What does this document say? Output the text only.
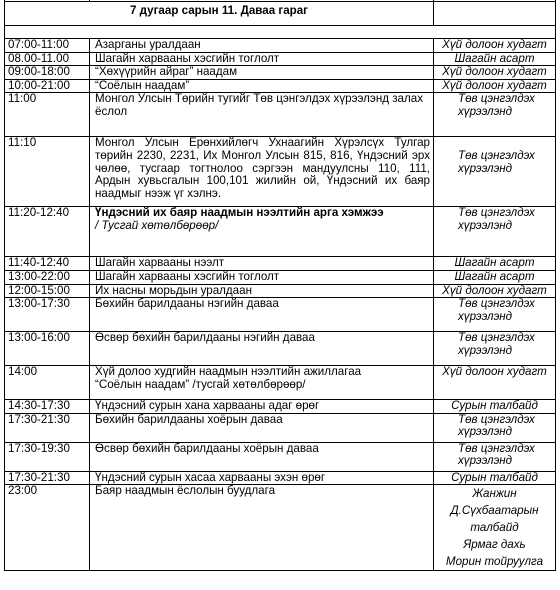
7 дугаар сарын 11. Даваа гараг		

07:00-11:00	Азарганы уралдаан	Хүй долоон худагт
08.00-11.00	Шагайн харвааны хэсгийн тоглолт	Шагайн асарт
09:00-18:00	“Хөхүүрийн айраг” наадам	Хүй долоон худагт
10:00-21:00	“Соёлын наадам”	Хүй долоон худагт
11:00	Монгол Улсын Төрийн тугийг Төв цэнгэлдэх хүрээлэнд залах ёслол	Төв цэнгэлдэх хүрээлэнд
11:10	Монгол Улсын Ерөнхийлөгч Ухнаагийн Хүрэлсүх Тулгар төрийн 2230, 2231, Их Монгол Улсын 815, 816, Үндэсний эрх чөлөө, тусгаар тогтнолоо сэргээн мандуулсны 110, 111, Ардын хувьсгалын 100,101 жилийн ой, Үндэсний их баяр наадмыг нээж үг хэлнэ.	Төв цэнгэлдэх хүрээлэнд
11:20-12:40	Үндэсний их баяр наадмын нээлтийн арга хэмжээ
/ Тусгай хөтөлбөрөөр/	Төв цэнгэлдэх хүрээлэнд
11:40-12:40	Шагайн харвааны нээлт	Шагайн асарт
13:00-22:00	Шагайн харвааны хэсгийн тоглолт	Шагайн асарт
12:00-15:00	Их насны морьдын уралдаан	Хүй долоон худагт
13:00-17:30	Бөхийн барилдааны нэгийн даваа	Төв цэнгэлдэх хүрээлэнд
13:00-16:00	Өсвөр бөхийн барилдааны нэгийн даваа	Төв цэнгэлдэх хүрээлэнд
14:00	Хүй долоо худгийн наадмын нээлтийн ажиллагаа
“Соёлын наадам” /тусгай хөтөлбөрөөр/	Хүй долоон худагт
14:30-17:30	Үндэсний сурын хана харвааны адаг өрөг	Сурын талбайд
17:30-21:30	Бөхийн барилдааны хоёрын даваа	Төв цэнгэлдэх хүрээлэнд
17:30-19:30	Өсвөр бөхийн барилдааны хоёрын даваа	Төв цэнгэлдэх хүрээлэнд
17:30-21:30	Үндэсний сурын хасаа харвааны эхэн өрөг	Сурын талбайд
23:00	Баяр наадмын ёслолын буудлага	Жанжин
Д.Сүхбаатарын
талбайд
Ярмаг дахь
Морин тойруулга
